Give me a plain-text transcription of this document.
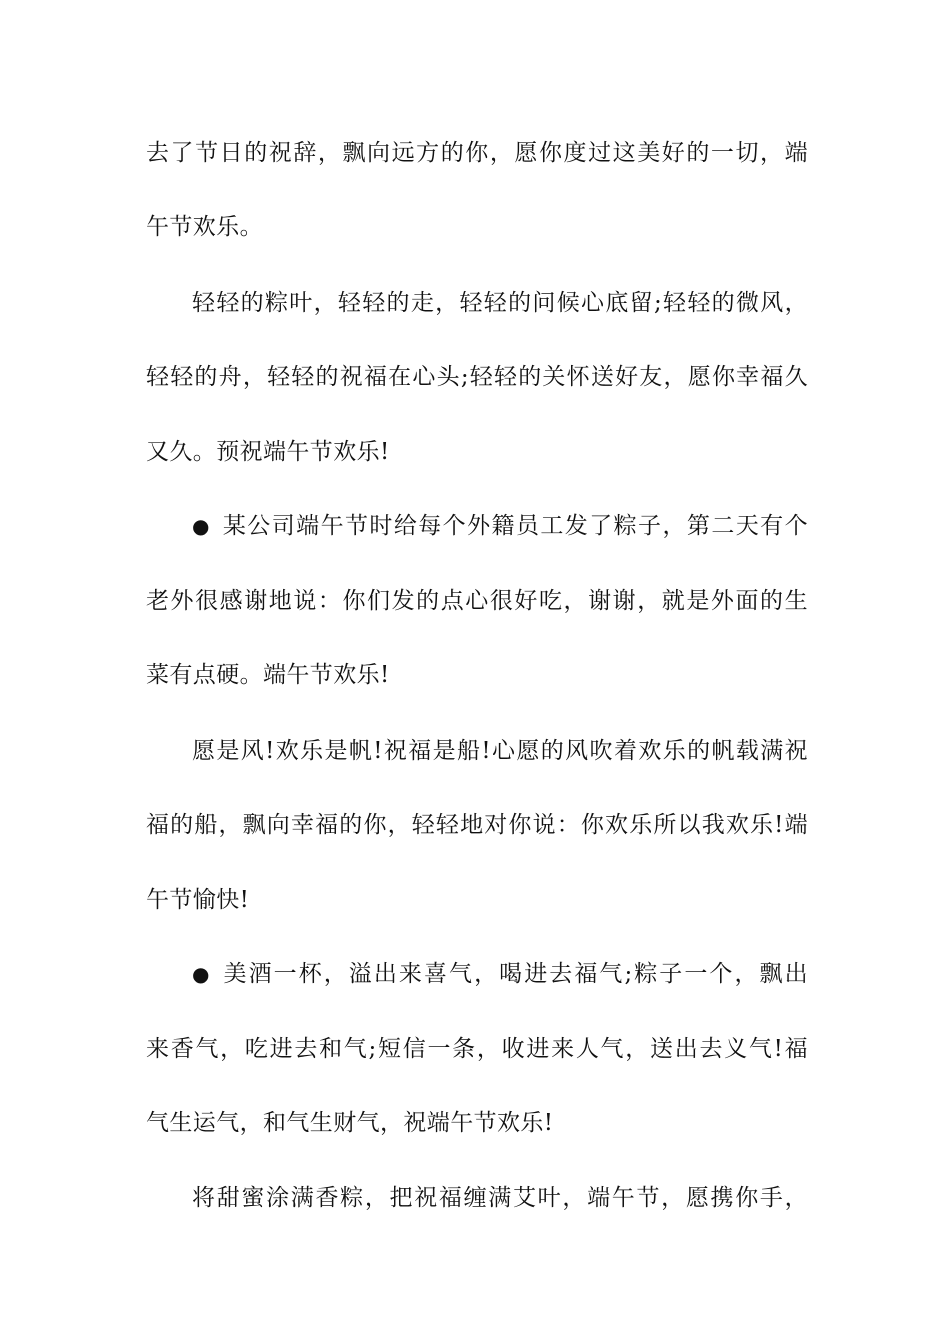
去了节日的祝辞，飘向远方的你，愿你度过这美好的一切，端
午节欢乐。
轻轻的粽叶，轻轻的走，轻轻的问候心底留;轻轻的微风，
轻轻的舟，轻轻的祝福在心头;轻轻的关怀送好友，愿你幸福久
又久。预祝端午节欢乐!
● 某公司端午节时给每个外籍员工发了粽子，第二天有个
老外很感谢地说：你们发的点心很好吃，谢谢，就是外面的生
菜有点硬。端午节欢乐!
愿是风!欢乐是帆!祝福是船!心愿的风吹着欢乐的帆载满祝
福的船，飘向幸福的你，轻轻地对你说：你欢乐所以我欢乐!端
午节愉快!
● 美酒一杯，溢出来喜气，喝进去福气;粽子一个，飘出
来香气，吃进去和气;短信一条，收进来人气，送出去义气!福
气生运气，和气生财气，祝端午节欢乐!
将甜蜜涂满香粽，把祝福缠满艾叶，端午节，愿携你手，
